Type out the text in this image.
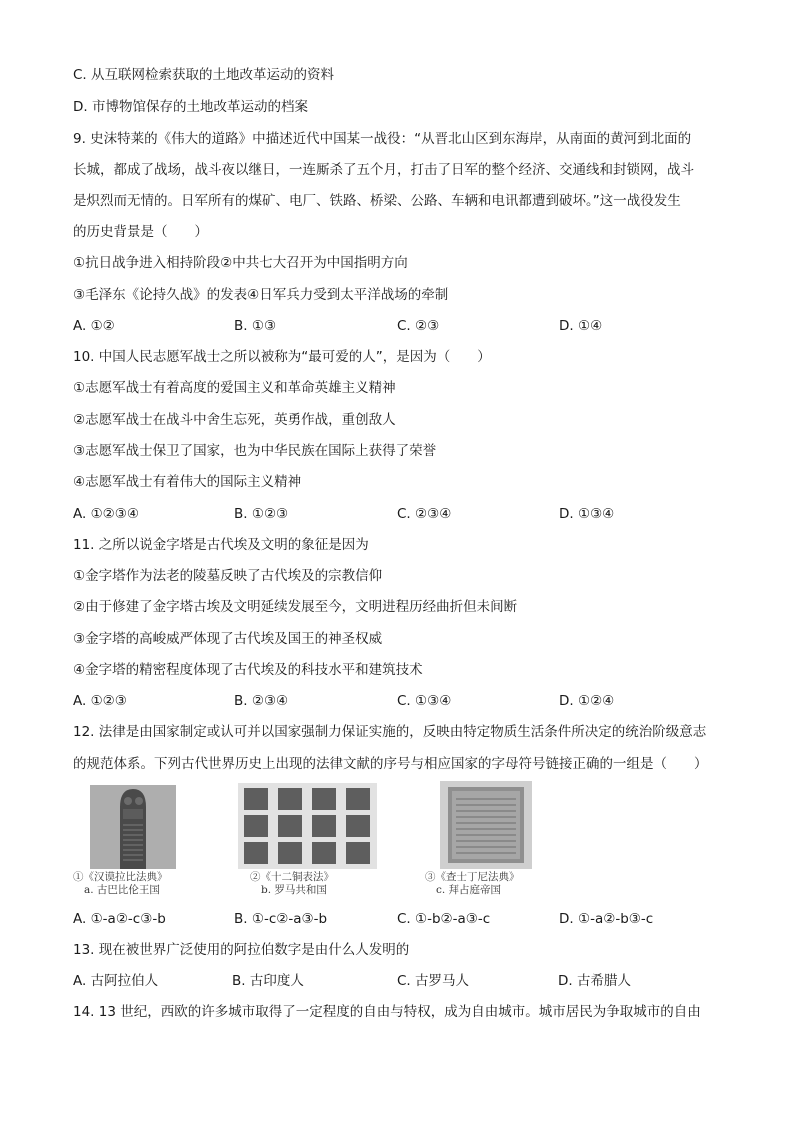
C. 从互联网检索获取的土地改革运动的资料
D. 市博物馆保存的土地改革运动的档案
9. 史沫特莱的《伟大的道路》中描述近代中国某一战役：“从晋北山区到东海岸，从南面的黄河到北面的
长城，都成了战场，战斗夜以继日，一连厮杀了五个月，打击了日军的整个经济、交通线和封锁网，战斗
是炽烈而无情的。日军所有的煤矿、电厂、铁路、桥梁、公路、车辆和电讯都遭到破坏。”这一战役发生
的历史背景是（　　）
①抗日战争进入相持阶段②中共七大召开为中国指明方向
③毛泽东《论持久战》的发表④日军兵力受到太平洋战场的牵制
A. ①②	B. ①③	C. ②③	D. ①④
10. 中国人民志愿军战士之所以被称为“最可爱的人”，是因为（　　）
①志愿军战士有着高度的爱国主义和革命英雄主义精神
②志愿军战士在战斗中舍生忘死，英勇作战，重创敌人
③志愿军战士保卫了国家，也为中华民族在国际上获得了荣誉
④志愿军战士有着伟大的国际主义精神
A. ①②③④	B. ①②③	C. ②③④	D. ①③④
11. 之所以说金字塔是古代埃及文明的象征是因为
①金字塔作为法老的陵墓反映了古代埃及的宗教信仰
②由于修建了金字塔古埃及文明延续发展至今，文明进程历经曲折但未间断
③金字塔的高峻威严体现了古代埃及国王的神圣权威
④金字塔的精密程度体现了古代埃及的科技水平和建筑技术
A. ①②③	B. ②③④	C. ①③④	D. ①②④
12. 法律是由国家制定或认可并以国家强制力保证实施的，反映由特定物质生活条件所决定的统治阶级意志
的规范体系。下列古代世界历史上出现的法律文献的序号与相应国家的字母符号链接正确的一组是（　　）
①《汉谟拉比法典》
a. 古巴比伦王国
②《十二铜表法》
b. 罗马共和国
③《查士丁尼法典》
c. 拜占庭帝国
A. ①-a②-c③-b	B. ①-c②-a③-b	C. ①-b②-a③-c	D. ①-a②-b③-c
13. 现在被世界广泛使用的阿拉伯数字是由什么人发明的
A. 古阿拉伯人	B. 古印度人	C. 古罗马人	D. 古希腊人
14. 13 世纪，西欧的许多城市取得了一定程度的自由与特权，成为自由城市。城市居民为争取城市的自由
